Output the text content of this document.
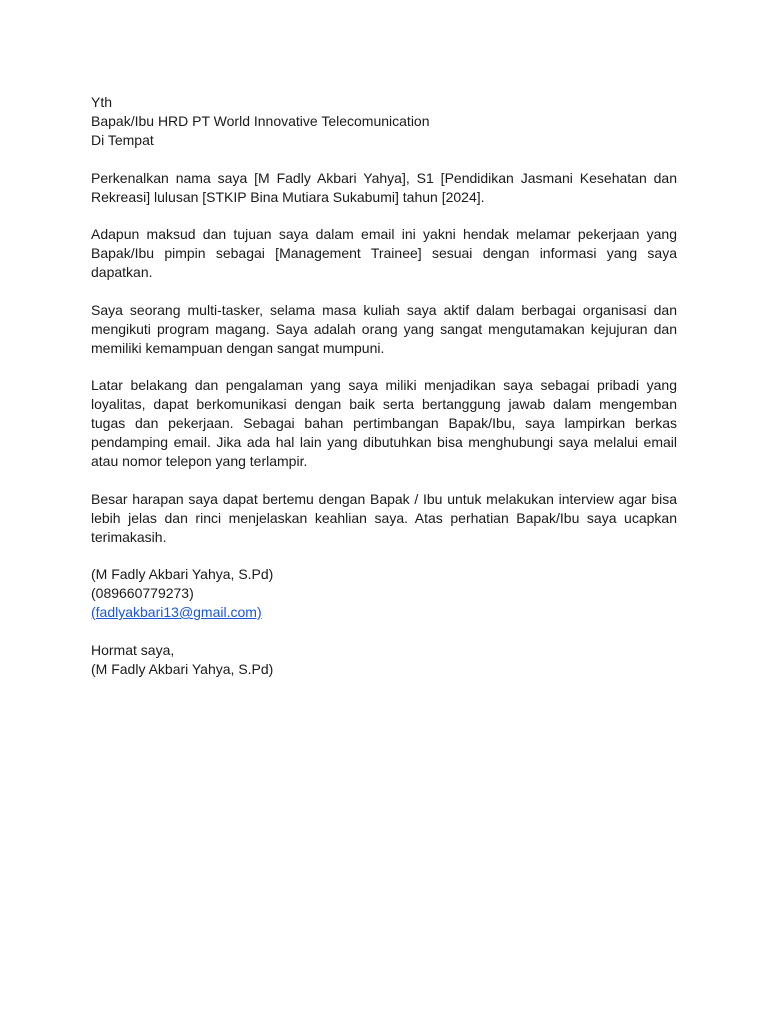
Yth
Bapak/Ibu HRD PT World Innovative Telecomunication
Di Tempat

Perkenalkan nama saya [M Fadly Akbari Yahya], S1 [Pendidikan Jasmani Kesehatan dan Rekreasi] lulusan [STKIP Bina Mutiara Sukabumi] tahun [2024].

Adapun maksud dan tujuan saya dalam email ini yakni hendak melamar pekerjaan yang Bapak/Ibu pimpin sebagai [Management Trainee] sesuai dengan informasi yang saya dapatkan.

Saya seorang multi-tasker, selama masa kuliah saya aktif dalam berbagai organisasi dan mengikuti program magang. Saya adalah orang yang sangat mengutamakan kejujuran dan memiliki kemampuan dengan sangat mumpuni.

Latar belakang dan pengalaman yang saya miliki menjadikan saya sebagai pribadi yang loyalitas, dapat berkomunikasi dengan baik serta bertanggung jawab dalam mengemban tugas dan pekerjaan. Sebagai bahan pertimbangan Bapak/Ibu, saya lampirkan berkas pendamping email. Jika ada hal lain yang dibutuhkan bisa menghubungi saya melalui email atau nomor telepon yang terlampir.

Besar harapan saya dapat bertemu dengan Bapak / Ibu untuk melakukan interview agar bisa lebih jelas dan rinci menjelaskan keahlian saya. Atas perhatian Bapak/Ibu saya ucapkan terimakasih.

(M Fadly Akbari Yahya, S.Pd)
(089660779273)
(fadlyakbari13@gmail.com)
Hormat saya,
(M Fadly Akbari Yahya, S.Pd)
